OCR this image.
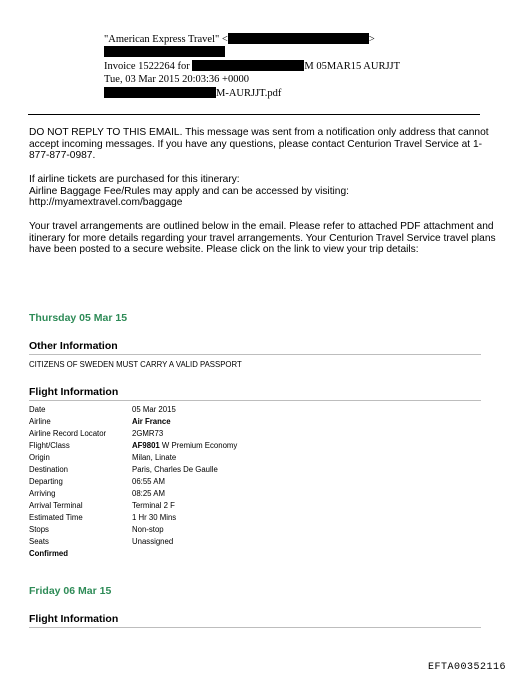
"American Express Travel" <	>
Invoice 1522264 for	M 05MAR15 AURJJT
Tue, 03 Mar 2015 20:03:36 +0000
M-AURJJT.pdf
DO NOT REPLY TO THIS EMAIL. This message was sent from a notification only address that cannot accept incoming messages. If you have any questions, please contact Centurion Travel Service at 1-877-877-0987.
If airline tickets are purchased for this itinerary:
Airline Baggage Fee/Rules may apply and can be accessed by visiting:
http://myamextravel.com/baggage
Your travel arrangements are outlined below in the email. Please refer to attached PDF attachment and itinerary for more details regarding your travel arrangements. Your Centurion Travel Service travel plans have been posted to a secure website. Please click on the link to view your trip details:
Thursday 05 Mar 15
Other Information
CITIZENS OF SWEDEN MUST CARRY A VALID PASSPORT
Flight Information
Date	05 Mar 2015
Airline	Air France
Airline Record Locator	2GMR73
Flight/Class	AF9801 W Premium Economy
Origin	Milan, Linate
Destination	Paris, Charles De Gaulle
Departing	06:55 AM
Arriving	08:25 AM
Arrival Terminal	Terminal 2 F
Estimated Time	1 Hr 30 Mins
Stops	Non-stop
Seats	Unassigned
Confirmed
Friday 06 Mar 15
Flight Information
EFTA00352116
